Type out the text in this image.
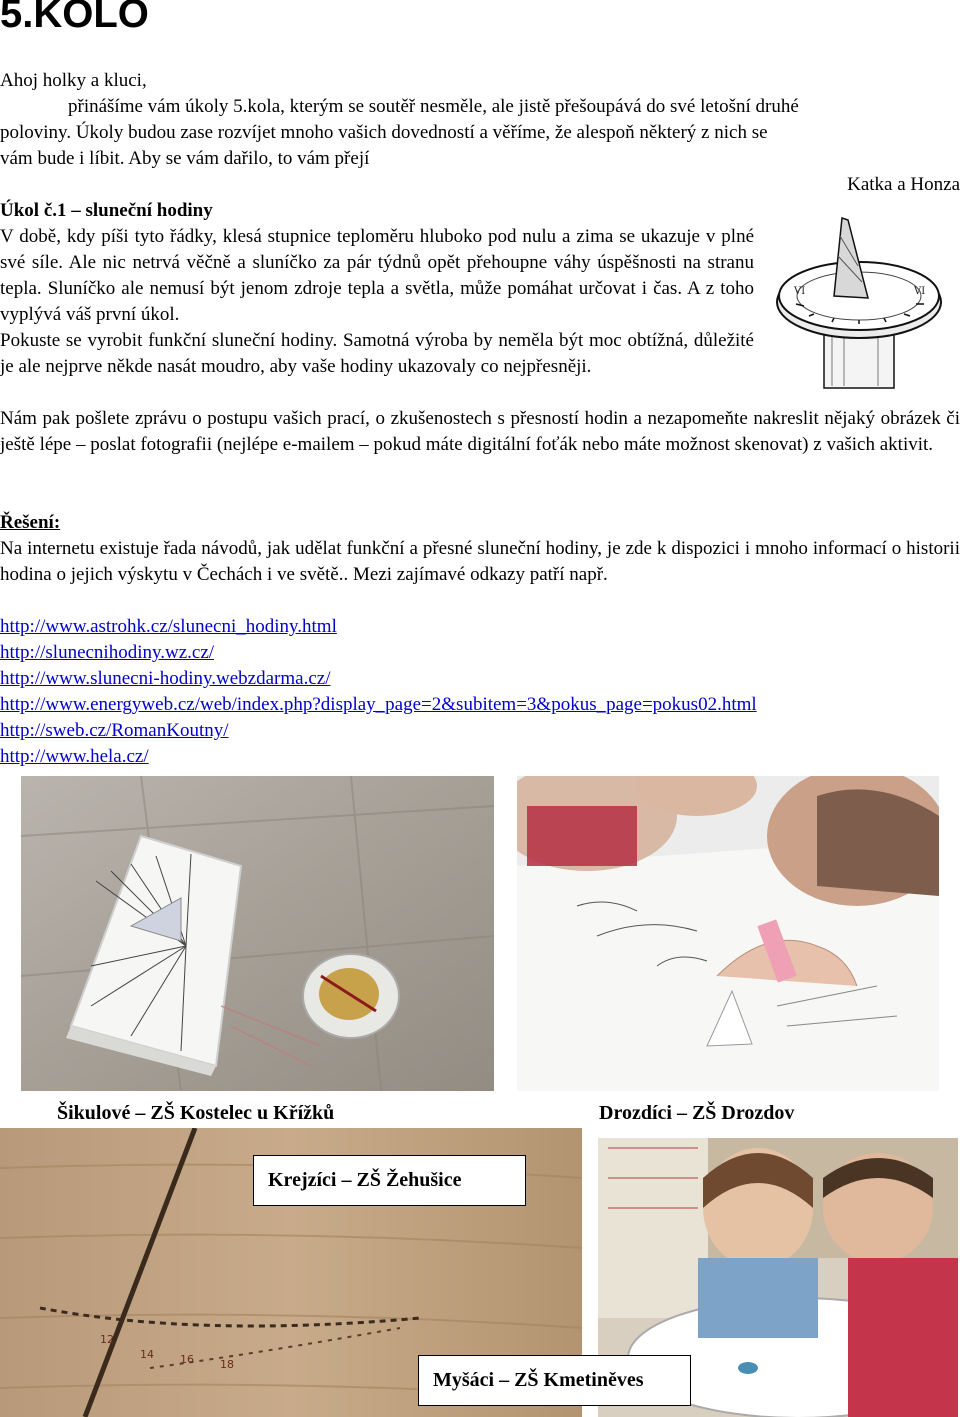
5.KOLO
Ahoj holky a kluci,
přinášíme vám úkoly 5.kola, kterým se soutěř nesměle, ale jistě přešoupává do své letošní druhé
poloviny. Úkoly budou zase rozvíjet mnoho vašich dovedností a věříme, že alespoň některý z nich se
vám bude i líbit. Aby se vám dařilo, to vám přejí
Katka a Honza
Úkol č.1 – sluneční hodiny
V době, kdy píši tyto řádky, klesá stupnice teploměru hluboko pod nulu a zima se ukazuje v plné své síle. Ale nic netrvá věčně a sluníčko za pár týdnů opět přehoupne váhy úspěšnosti na stranu tepla. Sluníčko ale nemusí být jenom zdroje tepla a světla, může pomáhat určovat i čas. A z toho vyplývá váš první úkol.
Pokuste se vyrobit funkční sluneční hodiny. Samotná výroba by neměla být moc obtížná, důležité je ale nejprve někde nasát moudro, aby vaše hodiny ukazovaly co nejpřesněji.
Nám pak pošlete zprávu o postupu vašich prací, o zkušenostech s přesností hodin a nezapomeňte nakreslit nějaký obrázek či ještě lépe – poslat fotografii (nejlépe e-mailem – pokud máte digitální foťák nebo máte možnost skenovat) z vašich aktivit.
VI	VI
Řešení:
Na internetu existuje řada návodů, jak udělat funkční a přesné sluneční hodiny, je zde k dispozici i mnoho informací o historii hodina o jejich výskytu v Čechách i ve světě.. Mezi zajímavé odkazy patří např.
http://www.astrohk.cz/slunecni_hodiny.html
http://slunecnihodiny.wz.cz/
http://www.slunecni-hodiny.webzdarma.cz/
http://www.energyweb.cz/web/index.php?display_page=2&subitem=3&pokus_page=pokus02.html
http://sweb.cz/RomanKoutny/
http://www.hela.cz/
Šikulové – ZŠ Kostelec u Křížků	Drozdíci – ZŠ Drozdov
12
14 16 18
Krejzíci – ZŠ Žehušice
Myšáci – ZŠ Kmetiněves
